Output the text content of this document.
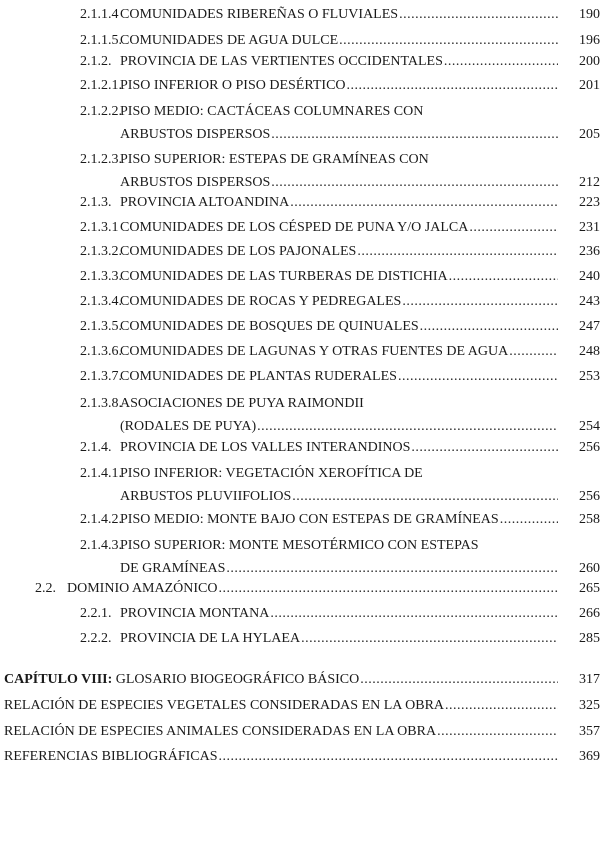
2.1.1.4 COMUNIDADES RIBEREÑAS O FLUVIALES .....	190
2.1.1.5.
COMUNIDADES DE AGUA DULCE .....	196
2.1.2. PROVINCIA DE LAS VERTIENTES OCCIDENTALES .....	200
2.1.2.1.
PISO INFERIOR O PISO DESÉRTICO .....	201
2.1.2.2.
PISO MEDIO: CACTÁCEAS COLUMNARES CON
ARBUSTOS DISPERSOS .....	205
2.1.2.3.
PISO SUPERIOR: ESTEPAS DE GRAMÍNEAS CON
ARBUSTOS DISPERSOS .....	212
2.1.3. PROVINCIA ALTOANDINA .....	223
2.1.3.1 COMUNIDADES DE LOS CÉSPED DE PUNA Y/O JALCA .....	231
2.1.3.2.
COMUNIDADES DE LOS PAJONALES .....	236
2.1.3.3.
COMUNIDADES DE LAS TURBERAS DE DISTICHIA .....	240
2.1.3.4.
COMUNIDADES DE ROCAS Y PEDREGALES .....	243
2.1.3.5.
COMUNIDADES DE BOSQUES DE QUINUALES .....	247
2.1.3.6.
COMUNIDADES DE LAGUNAS Y OTRAS FUENTES DE AGUA .....	248
2.1.3.7.
COMUNIDADES DE PLANTAS RUDERALES .....	253
2.1.3.8.
ASOCIACIONES DE PUYA RAIMONDII
(RODALES DE PUYA) .....	254
2.1.4. PROVINCIA DE LOS VALLES INTERANDINOS .....	256
2.1.4.1.
PISO INFERIOR: VEGETACIÓN XEROFÍTICA DE
ARBUSTOS PLUVIIFOLIOS .....	256
2.1.4.2.
PISO MEDIO: MONTE BAJO CON ESTEPAS DE GRAMÍNEAS .....	258
2.1.4.3.
PISO SUPERIOR: MONTE MESOTÉRMICO CON ESTEPAS
DE GRAMÍNEAS .....	260
2.2. DOMINIO AMAZÓNICO .....	265
2.2.1. PROVINCIA MONTANA .....	266
2.2.2. PROVINCIA DE LA HYLAEA .....	285
CAPÍTULO VIII: GLOSARIO BIOGEOGRÁFICO BÁSICO .....	317
RELACIÓN DE ESPECIES VEGETALES CONSIDERADAS EN LA OBRA .....	325
RELACIÓN DE ESPECIES ANIMALES CONSIDERADAS EN LA OBRA .....	357
REFERENCIAS BIBLIOGRÁFICAS .....	369
